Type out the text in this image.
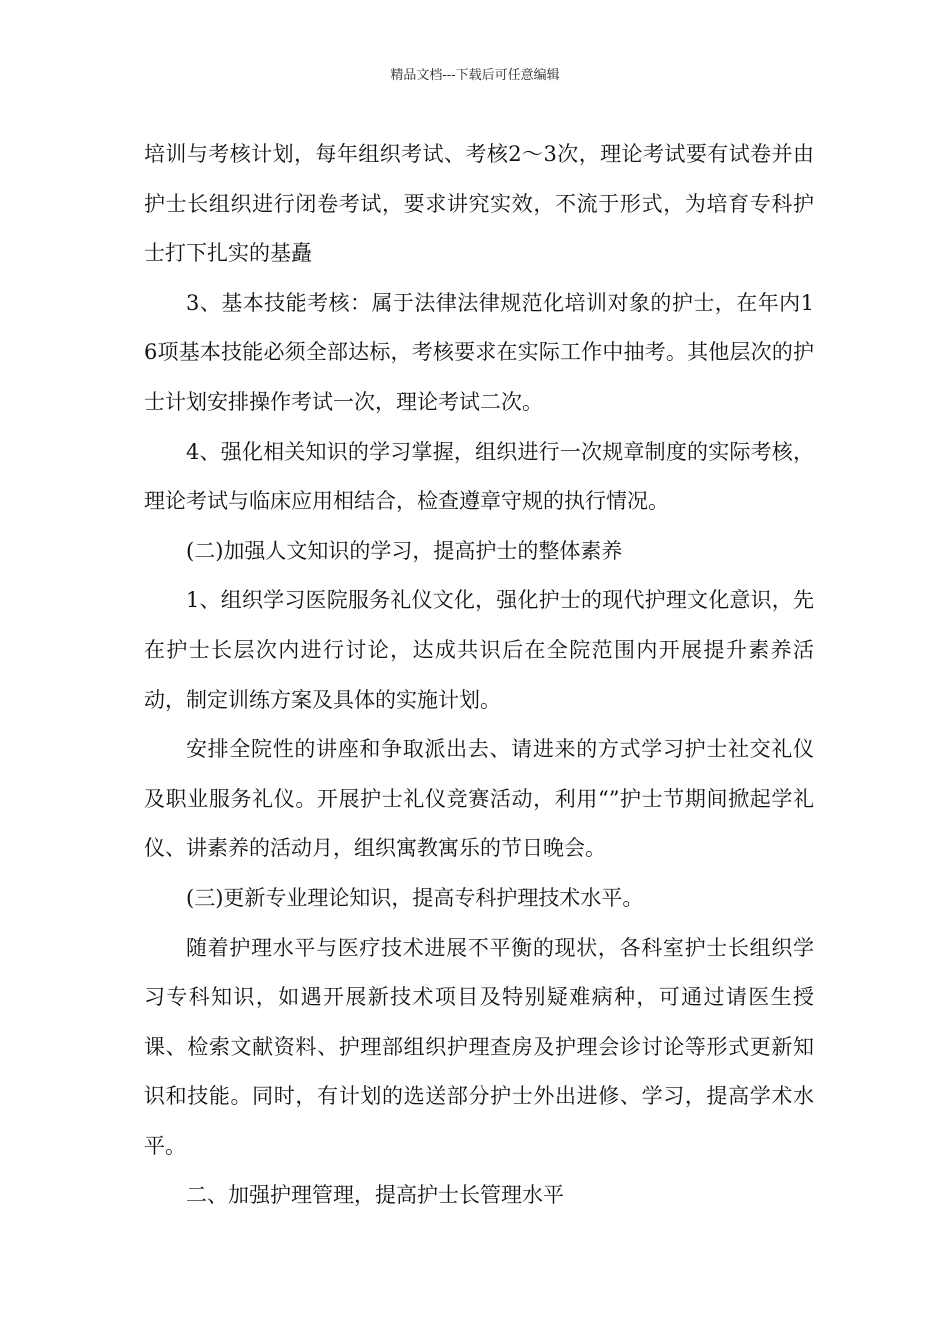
精品文档---下载后可任意编辑

培训与考核计划，每年组织考试、考核2～3次，理论考试要有试卷并由护士长组织进行闭卷考试，要求讲究实效，不流于形式，为培育专科护士打下扎实的基矗

3、基本技能考核：属于法律法律规范化培训对象的护士，在年内16项基本技能必须全部达标，考核要求在实际工作中抽考。其他层次的护士计划安排操作考试一次，理论考试二次。

4、强化相关知识的学习掌握，组织进行一次规章制度的实际考核，理论考试与临床应用相结合，检查遵章守规的执行情况。

(二)加强人文知识的学习，提高护士的整体素养

1、组织学习医院服务礼仪文化，强化护士的现代护理文化意识，先在护士长层次内进行讨论，达成共识后在全院范围内开展提升素养活动，制定训练方案及具体的实施计划。

安排全院性的讲座和争取派出去、请进来的方式学习护士社交礼仪及职业服务礼仪。开展护士礼仪竞赛活动，利用“”护士节期间掀起学礼仪、讲素养的活动月，组织寓教寓乐的节日晚会。

(三)更新专业理论知识，提高专科护理技术水平。

随着护理水平与医疗技术进展不平衡的现状，各科室护士长组织学习专科知识，如遇开展新技术项目及特别疑难病种，可通过请医生授课、检索文献资料、护理部组织护理查房及护理会诊讨论等形式更新知识和技能。同时，有计划的选送部分护士外出进修、学习，提高学术水平。

二、加强护理管理，提高护士长管理水平
